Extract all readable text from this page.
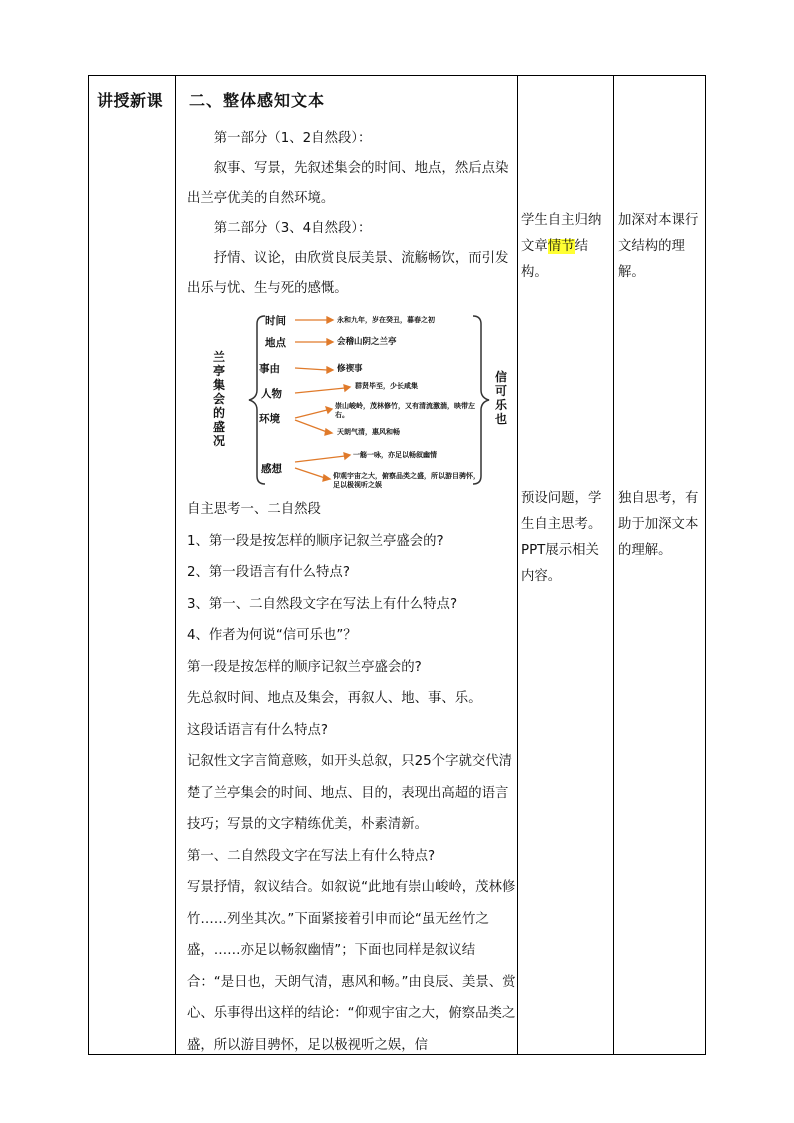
讲授新课 二、整体感知文本

第一部分（1、2自然段）：

叙事、写景，先叙述集会的时间、地点，然后点染出兰亭优美的自然环境。

第二部分（3、4自然段）：

抒情、议论，由欣赏良辰美景、流觞畅饮，而引发出乐与忧、生与死的感慨。

兰亭集会的盛况
信可乐也
时间	永和九年，岁在癸丑，暮春之初
地点	会稽山阴之兰亭
事由	修禊事
人物
群贤毕至，少长咸集
环境
崇山峻岭，茂林修竹，又有清流激湍，映带左右。
天朗气清，惠风和畅
感想
一觞一咏，亦足以畅叙幽情
仰观宇宙之大，俯察品类之盛，所以游目骋怀，足以极视听之娱

自主思考一、二自然段

1、第一段是按怎样的顺序记叙兰亭盛会的?

2、第一段语言有什么特点?

3、第一、二自然段文字在写法上有什么特点?

4、作者为何说“信可乐也”？

第一段是按怎样的顺序记叙兰亭盛会的?

先总叙时间、地点及集会，再叙人、地、事、乐。

这段话语言有什么特点?

记叙性文字言简意赅，如开头总叙，只25个字就交代清楚了兰亭集会的时间、地点、目的，表现出高超的语言技巧；写景的文字精练优美，朴素清新。

第一、二自然段文字在写法上有什么特点?

写景抒情，叙议结合。如叙说“此地有崇山峻岭，茂林修竹……列坐其次。”下面紧接着引申而论“虽无丝竹之盛，……亦足以畅叙幽情”；下面也同样是叙议结合：“是日也，天朗气清，惠风和畅。”由良辰、美景、赏心、乐事得出这样的结论：“仰观宇宙之大，俯察品类之盛，所以游目骋怀，足以极视听之娱，信

学生自主归纳文章情节结构。
加深对本课行文结构的理解。
预设问题，学生自主思考。PPT展示相关内容。
独自思考，有助于加深文本的理解。
